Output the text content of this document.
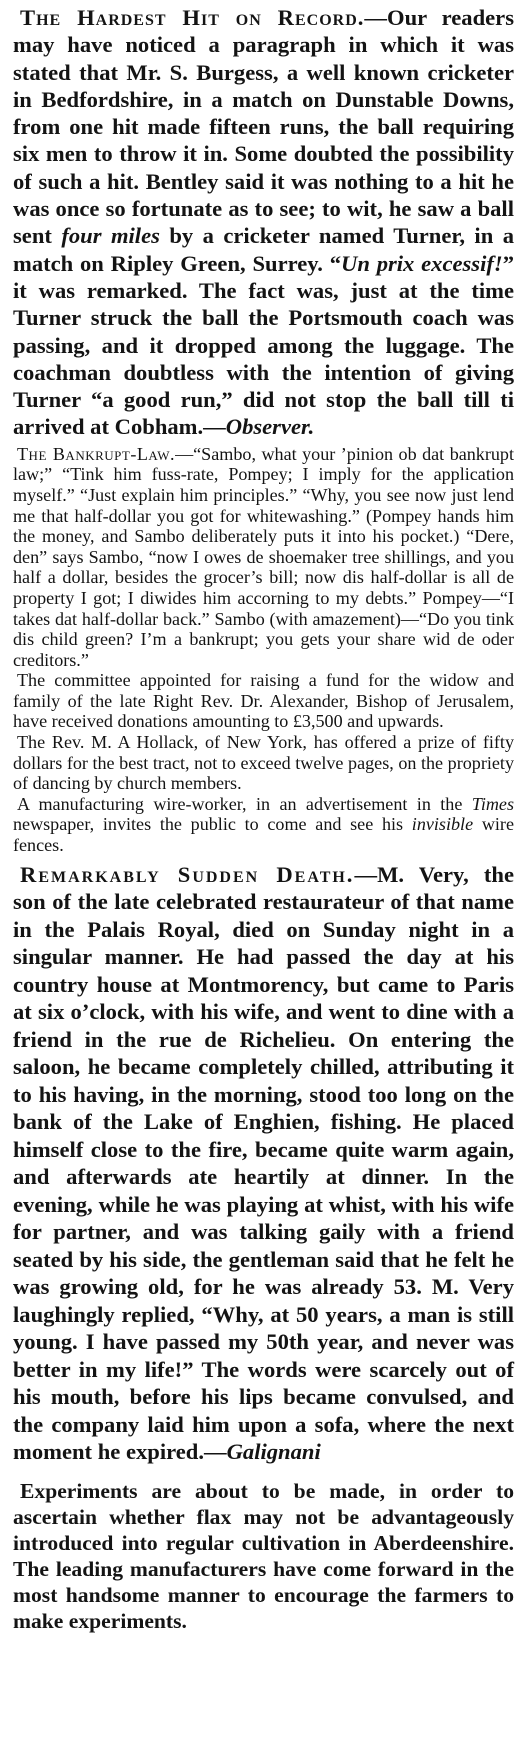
The Hardest Hit on Record.—Our readers may have noticed a paragraph in which it was stated that Mr. S. Burgess, a well known cricketer in Bedfordshire, in a match on Dunstable Downs, from one hit made fifteen runs, the ball requiring six men to throw it in. Some doubted the possibility of such a hit. Bentley said it was nothing to a hit he was once so fortunate as to see; to wit, he saw a ball sent four miles by a cricketer named Turner, in a match on Ripley Green, Surrey. “Un prix excessif!” it was remarked. The fact was, just at the time Turner struck the ball the Portsmouth coach was passing, and it dropped among the luggage. The coachman doubtless with the intention of giving Turner “a good run,” did not stop the ball till ti arrived at Cobham.—Observer.

The Bankrupt-Law.—“Sambo, what your ’pinion ob dat bankrupt law;” “Tink him fuss-rate, Pompey; I imply for the application myself.” “Just explain him principles.” “Why, you see now just lend me that half-dollar you got for whitewashing.” (Pompey hands him the money, and Sambo deliberately puts it into his pocket.) “Dere, den” says Sambo, “now I owes de shoemaker tree shillings, and you half a dollar, besides the grocer’s bill; now dis half-dollar is all de property I got; I diwides him accorning to my debts.” Pompey—“I takes dat half-dollar back.” Sambo (with amazement)—“Do you tink dis child green? I’m a bankrupt; you gets your share wid de oder creditors.”

The committee appointed for raising a fund for the widow and family of the late Right Rev. Dr. Alexander, Bishop of Jerusalem, have received donations amounting to £3,500 and upwards.

The Rev. M. A Hollack, of New York, has offered a prize of fifty dollars for the best tract, not to exceed twelve pages, on the propriety of dancing by church members.

A manufacturing wire-worker, in an advertisement in the Times newspaper, invites the public to come and see his invisible wire fences.

Remarkably Sudden Death.—M. Very, the son of the late celebrated restaurateur of that name in the Palais Royal, died on Sunday night in a singular manner. He had passed the day at his country house at Montmorency, but came to Paris at six o’clock, with his wife, and went to dine with a friend in the rue de Richelieu. On entering the saloon, he became completely chilled, attributing it to his having, in the morning, stood too long on the bank of the Lake of Enghien, fishing. He placed himself close to the fire, became quite warm again, and afterwards ate heartily at dinner. In the evening, while he was playing at whist, with his wife for partner, and was talking gaily with a friend seated by his side, the gentleman said that he felt he was growing old, for he was already 53. M. Very laughingly replied, “Why, at 50 years, a man is still young. I have passed my 50th year, and never was better in my life!” The words were scarcely out of his mouth, before his lips became convulsed, and the company laid him upon a sofa, where the next moment he expired.—Galignani

Experiments are about to be made, in order to ascertain whether flax may not be advantageously introduced into regular cultivation in Aberdeenshire. The leading manufacturers have come forward in the most handsome manner to encourage the farmers to make experiments.
